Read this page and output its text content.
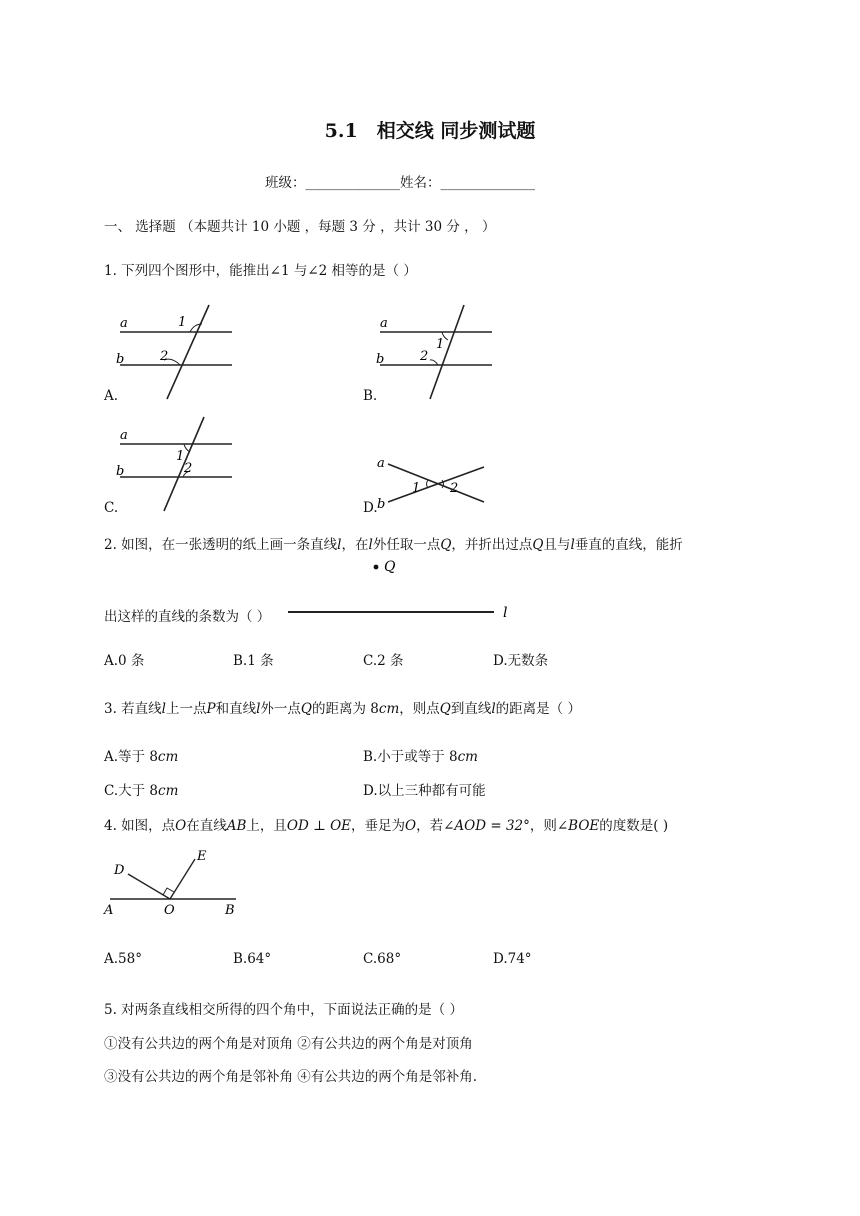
5.1　相交线 同步测试题
班级：______________姓名：______________
一、 选择题 （本题共计 10 小题 ，每题 3 分 ，共计 30 分 ， ）
1. 下列四个图形中，能推出∠1 与∠2 相等的是（ ）
A.	B.
C.	D.
a
b
1
2
a
b
1
2
a
b
1
2	a
b
1 2
2. 如图，在一张透明的纸上画一条直线l，在l外任取一点Q，并折出过点Q且与l垂直的直线，能折
Q
出这样的直线的条数为（ ）	l
A.0 条	B.1 条	C.2 条	D.无数条
3. 若直线l上一点P和直线l外一点Q的距离为 8cm，则点Q到直线l的距离是（ ）
A.等于 8cm	B.小于或等于 8cm
C.大于 8cm	D.以上三种都有可能
4. 如图，点O在直线AB上，且OD ⊥ OE，垂足为O，若∠AOD = 32°，则∠BOE的度数是( )
A	B
O
D
E
A.58°	B.64°	C.68°	D.74°
5. 对两条直线相交所得的四个角中，下面说法正确的是（ ）
①没有公共边的两个角是对顶角 ②有公共边的两个角是对顶角
③没有公共边的两个角是邻补角 ④有公共边的两个角是邻补角.
